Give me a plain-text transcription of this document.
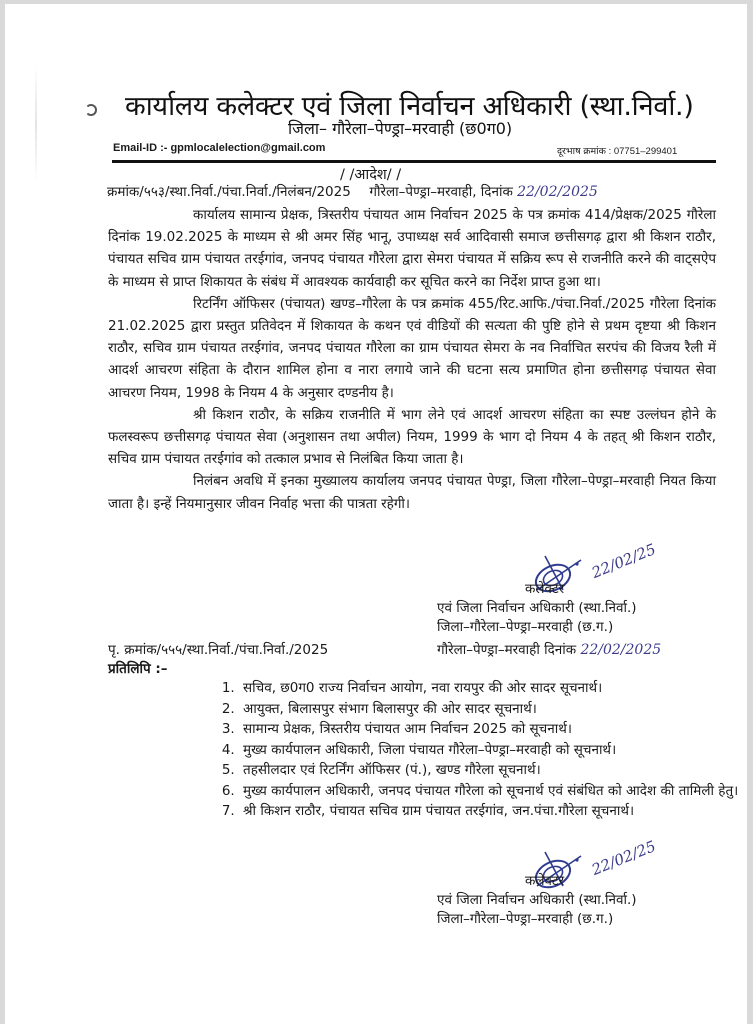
कार्यालय कलेक्टर एवं जिला निर्वाचन अधिकारी (स्था.निर्वा.)
जिला– गौरेला–पेण्ड्रा–मरवाही (छ0ग0)
Email-ID :- gpmlocalelection@gmail.com	दूरभाष क्रमांक : 07751–299401
/ /आदेश/ /
क्रमांक/५५३/स्था.निर्वा./पंचा.निर्वा./निलंबन/2025 गौरेला–पेण्ड्रा–मरवाही, दिनांक 22/02/2025

कार्यालय सामान्य प्रेक्षक, त्रिस्तरीय पंचायत आम निर्वाचन 2025 के पत्र क्रमांक 414/प्रेक्षक/2025 गौरेला दिनांक 19.02.2025 के माध्यम से श्री अमर सिंह भानू, उपाध्यक्ष सर्व आदिवासी समाज छत्तीसगढ़ द्वारा श्री किशन राठौर, पंचायत सचिव ग्राम पंचायत तरईगांव, जनपद पंचायत गौरेला द्वारा सेमरा पंचायत में सक्रिय रूप से राजनीति करने की वाट्सऐप के माध्यम से प्राप्त शिकायत के संबंध में आवश्यक कार्यवाही कर सूचित करने का निर्देश प्राप्त हुआ था।

रिटर्निंग ऑफिसर (पंचायत) खण्ड–गौरेला के पत्र क्रमांक 455/रिट.आफि./पंचा.निर्वा./2025 गौरेला दिनांक 21.02.2025 द्वारा प्रस्तुत प्रतिवेदन में शिकायत के कथन एवं वीडियों की सत्यता की पुष्टि होने से प्रथम दृष्टया श्री किशन राठौर, सचिव ग्राम पंचायत तरईगांव, जनपद पंचायत गौरेला का ग्राम पंचायत सेमरा के नव निर्वाचित सरपंच की विजय रैली में आदर्श आचरण संहिता के दौरान शामिल होना व नारा लगाये जाने की घटना सत्य प्रमाणित होना छत्तीसगढ़ पंचायत सेवा आचरण नियम, 1998 के नियम 4 के अनुसार दण्डनीय है।

श्री किशन राठौर, के सक्रिय राजनीति में भाग लेने एवं आदर्श आचरण संहिता का स्पष्ट उल्लंघन होने के फलस्वरूप छत्तीसगढ़ पंचायत सेवा (अनुशासन तथा अपील) नियम, 1999 के भाग दो नियम 4 के तहत् श्री किशन राठौर, सचिव ग्राम पंचायत तरईगांव को तत्काल प्रभाव से निलंबित किया जाता है।

निलंबन अवधि में इनका मुख्यालय कार्यालय जनपद पंचायत पेण्ड्रा, जिला गौरेला–पेण्ड्रा–मरवाही नियत किया जाता है। इन्हें नियमानुसार जीवन निर्वाह भत्ता की पात्रता रहेगी।

22/02/25
कलेक्टर
एवं जिला निर्वाचन अधिकारी (स्था.निर्वा.)
जिला–गौरेला–पेण्ड्रा–मरवाही (छ.ग.)
पृ. क्रमांक/५५५/स्था.निर्वा./पंचा.निर्वा./2025	गौरेला–पेण्ड्रा–मरवाही दिनांक 22/02/2025
प्रतिलिपि :–
1. सचिव, छ0ग0 राज्य निर्वाचन आयोग, नवा रायपुर की ओर सादर सूचनार्थ।
2. आयुक्त, बिलासपुर संभाग बिलासपुर की ओर सादर सूचनार्थ।
3. सामान्य प्रेक्षक, त्रिस्तरीय पंचायत आम निर्वाचन 2025 को सूचनार्थ।
4. मुख्य कार्यपालन अधिकारी, जिला पंचायत गौरेला–पेण्ड्रा–मरवाही को सूचनार्थ।
5. तहसीलदार एवं रिटर्निंग ऑफिसर (पं.), खण्ड गौरेला सूचनार्थ।
6. मुख्य कार्यपालन अधिकारी, जनपद पंचायत गौरेला को सूचनार्थ एवं संबंधित को आदेश की तामिली हेतु।
7. श्री किशन राठौर, पंचायत सचिव ग्राम पंचायत तरईगांव, जन.पंचा.गौरेला सूचनार्थ।
22/02/25
कलेक्टर
एवं जिला निर्वाचन अधिकारी (स्था.निर्वा.)
जिला–गौरेला–पेण्ड्रा–मरवाही (छ.ग.)
